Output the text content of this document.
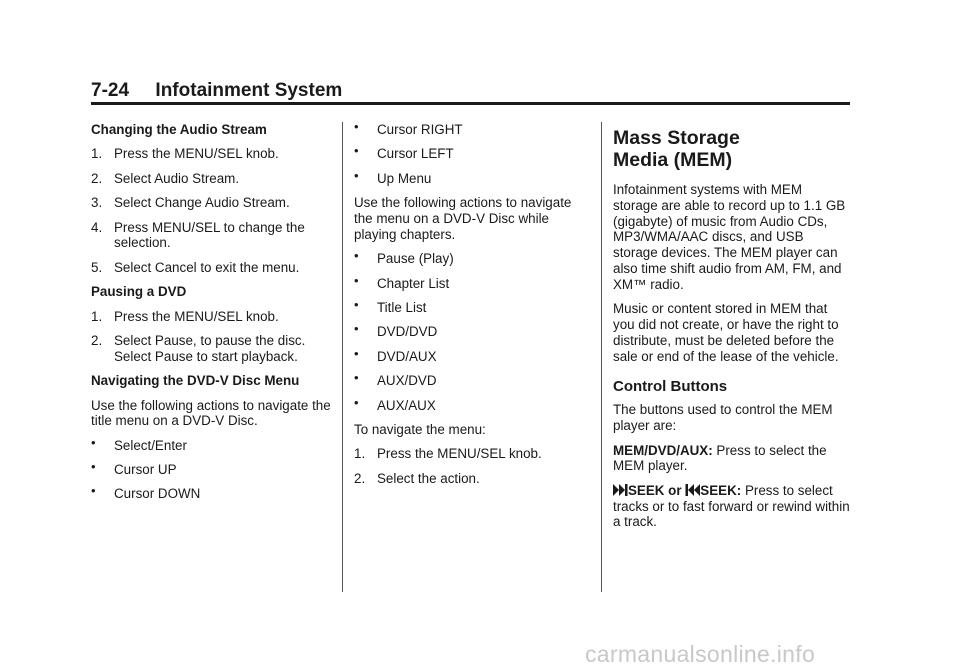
7-24     Infotainment System

Changing the Audio Stream

1. Press the MENU/SEL knob.

2. Select Audio Stream.

3. Select Change Audio Stream.

4. Press MENU/SEL to change the selection.

5. Select Cancel to exit the menu.

Pausing a DVD

1. Press the MENU/SEL knob.

2. Select Pause, to pause the disc. Select Pause to start playback.

Navigating the DVD-V Disc Menu

Use the following actions to navigate the title menu on a DVD-V Disc.

• Select/Enter

• Cursor UP

• Cursor DOWN

• Cursor RIGHT

• Cursor LEFT

• Up Menu

Use the following actions to navigate the menu on a DVD-V Disc while playing chapters.

• Pause (Play)

• Chapter List

• Title List

• DVD/DVD

• DVD/AUX

• AUX/DVD

• AUX/AUX

To navigate the menu:

1. Press the MENU/SEL knob.

2. Select the action.

Mass Storage
Media (MEM)

Infotainment systems with MEM storage are able to record up to 1.1 GB (gigabyte) of music from Audio CDs, MP3/WMA/AAC discs, and USB storage devices. The MEM player can also time shift audio from AM, FM, and XM™ radio.

Music or content stored in MEM that you did not create, or have the right to distribute, must be deleted before the sale or end of the lease of the vehicle.

Control Buttons

The buttons used to control the MEM player are:

MEM/DVD/AUX: Press to select the MEM player.

SEEK or SEEK: Press to select tracks or to fast forward or rewind within a track.

carmanualsonline.info
